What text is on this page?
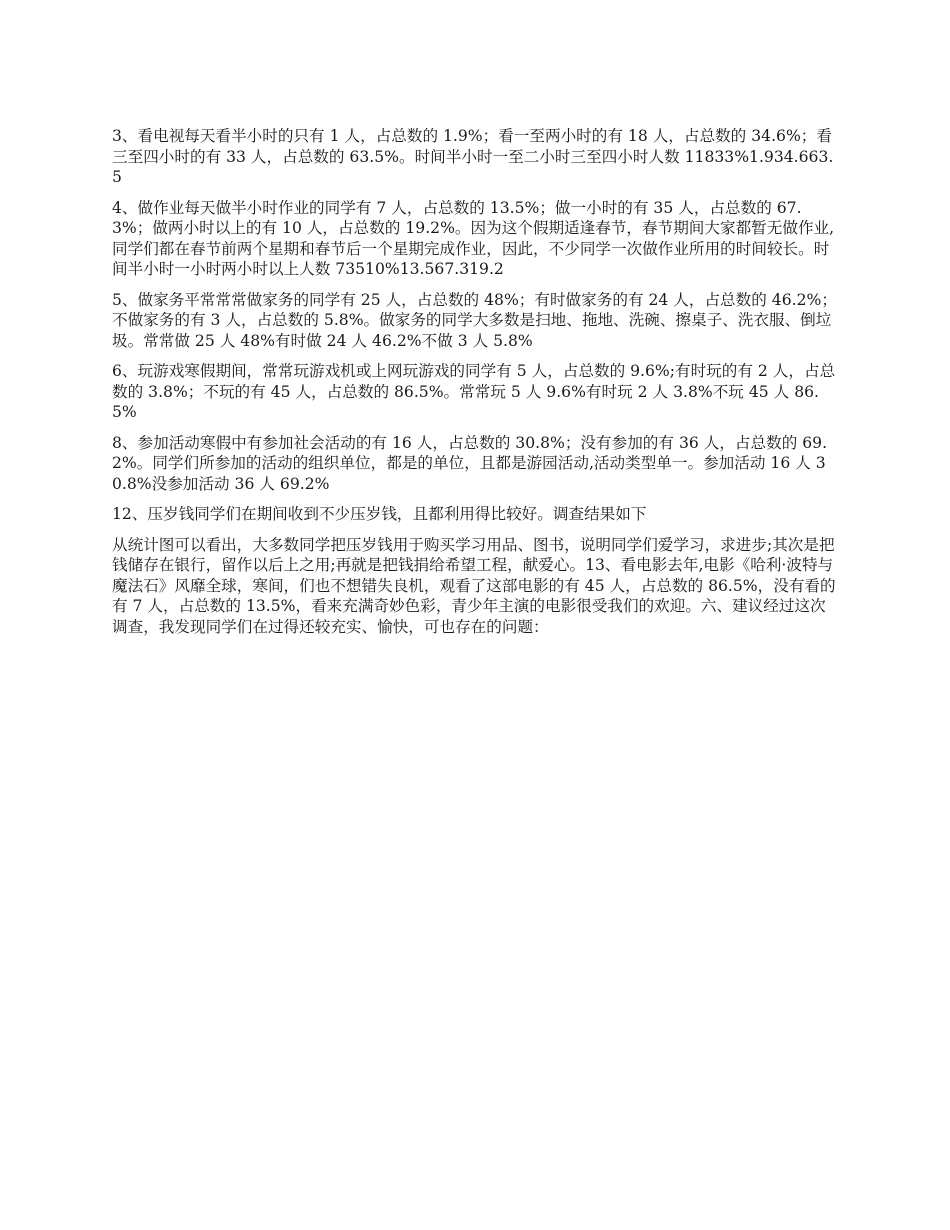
3、看电视每天看半小时的只有 1 人，占总数的 1.9%；看一至两小时的有 18 人，占总数的 34.6%；看三至四小时的有 33 人，占总数的 63.5%。时间半小时一至二小时三至四小时人数 11833%1.934.663.5

4、做作业每天做半小时作业的同学有 7 人，占总数的 13.5%；做一小时的有 35 人，占总数的 67.3%；做两小时以上的有 10 人，占总数的 19.2%。因为这个假期适逢春节，春节期间大家都暂无做作业,同学们都在春节前两个星期和春节后一个星期完成作业，因此，不少同学一次做作业所用的时间较长。时间半小时一小时两小时以上人数 73510%13.567.319.2

5、做家务平常常常做家务的同学有 25 人，占总数的 48%；有时做家务的有 24 人，占总数的 46.2%；不做家务的有 3 人，占总数的 5.8%。做家务的同学大多数是扫地、拖地、洗碗、擦桌子、洗衣服、倒垃圾。常常做 25 人 48%有时做 24 人 46.2%不做 3 人 5.8%

6、玩游戏寒假期间，常常玩游戏机或上网玩游戏的同学有 5 人，占总数的 9.6%;有时玩的有 2 人，占总数的 3.8%；不玩的有 45 人，占总数的 86.5%。常常玩 5 人 9.6%有时玩 2 人 3.8%不玩 45 人 86.5%

8、参加活动寒假中有参加社会活动的有 16 人，占总数的 30.8%；没有参加的有 36 人，占总数的 69.2%。同学们所参加的活动的组织单位，都是的单位，且都是游园活动,活动类型单一。参加活动 16 人 30.8%没参加活动 36 人 69.2%

12、压岁钱同学们在期间收到不少压岁钱，且都利用得比较好。调查结果如下

从统计图可以看出，大多数同学把压岁钱用于购买学习用品、图书，说明同学们爱学习，求进步;其次是把钱储存在银行，留作以后上之用;再就是把钱捐给希望工程，献爱心。13、看电影去年,电影《哈利·波特与魔法石》风靡全球，寒间，们也不想错失良机，观看了这部电影的有 45 人，占总数的 86.5%，没有看的有 7 人，占总数的 13.5%，看来充满奇妙色彩，青少年主演的电影很受我们的欢迎。六、建议经过这次调查，我发现同学们在过得还较充实、愉快，可也存在的问题：
